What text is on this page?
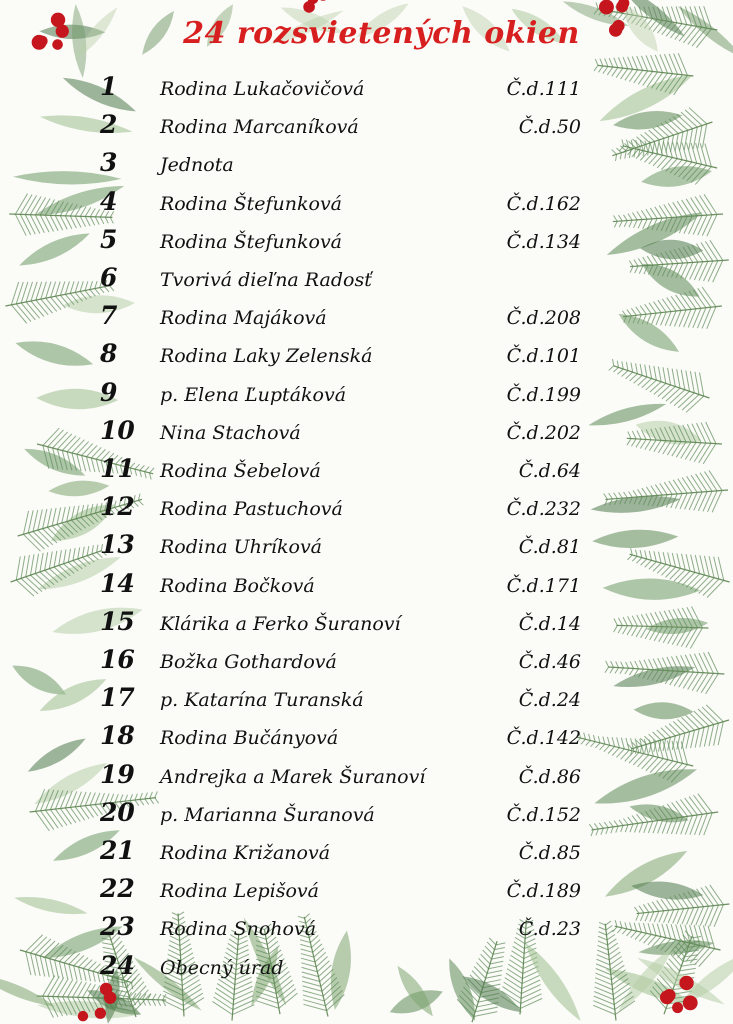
24 rozsvietených okien
1	Rodina Lukačovičová	Č.d.111
2	Rodina Marcaníková	Č.d.50
3	Jednota
4	Rodina Štefunková	Č.d.162
5	Rodina Štefunková	Č.d.134
6	Tvorivá dieľna Radosť
7	Rodina Majáková	Č.d.208
8	Rodina Laky Zelenská	Č.d.101
9	p. Elena Ľuptáková	Č.d.199
10	Nina Stachová	Č.d.202
11	Rodina Šebelová	Č.d.64
12	Rodina Pastuchová	Č.d.232
13	Rodina Uhríková	Č.d.81
14	Rodina Bočková	Č.d.171
15	Klárika a Ferko Šuranoví	Č.d.14
16	Božka Gothardová	Č.d.46
17	p. Katarína Turanská	Č.d.24
18	Rodina Bučányová	Č.d.142
19	Andrejka a Marek Šuranoví	Č.d.86
20	p. Marianna Šuranová	Č.d.152
21	Rodina Križanová	Č.d.85
22	Rodina Lepišová	Č.d.189
23	Rodina Snohová	Č.d.23
24	Obecný úrad
